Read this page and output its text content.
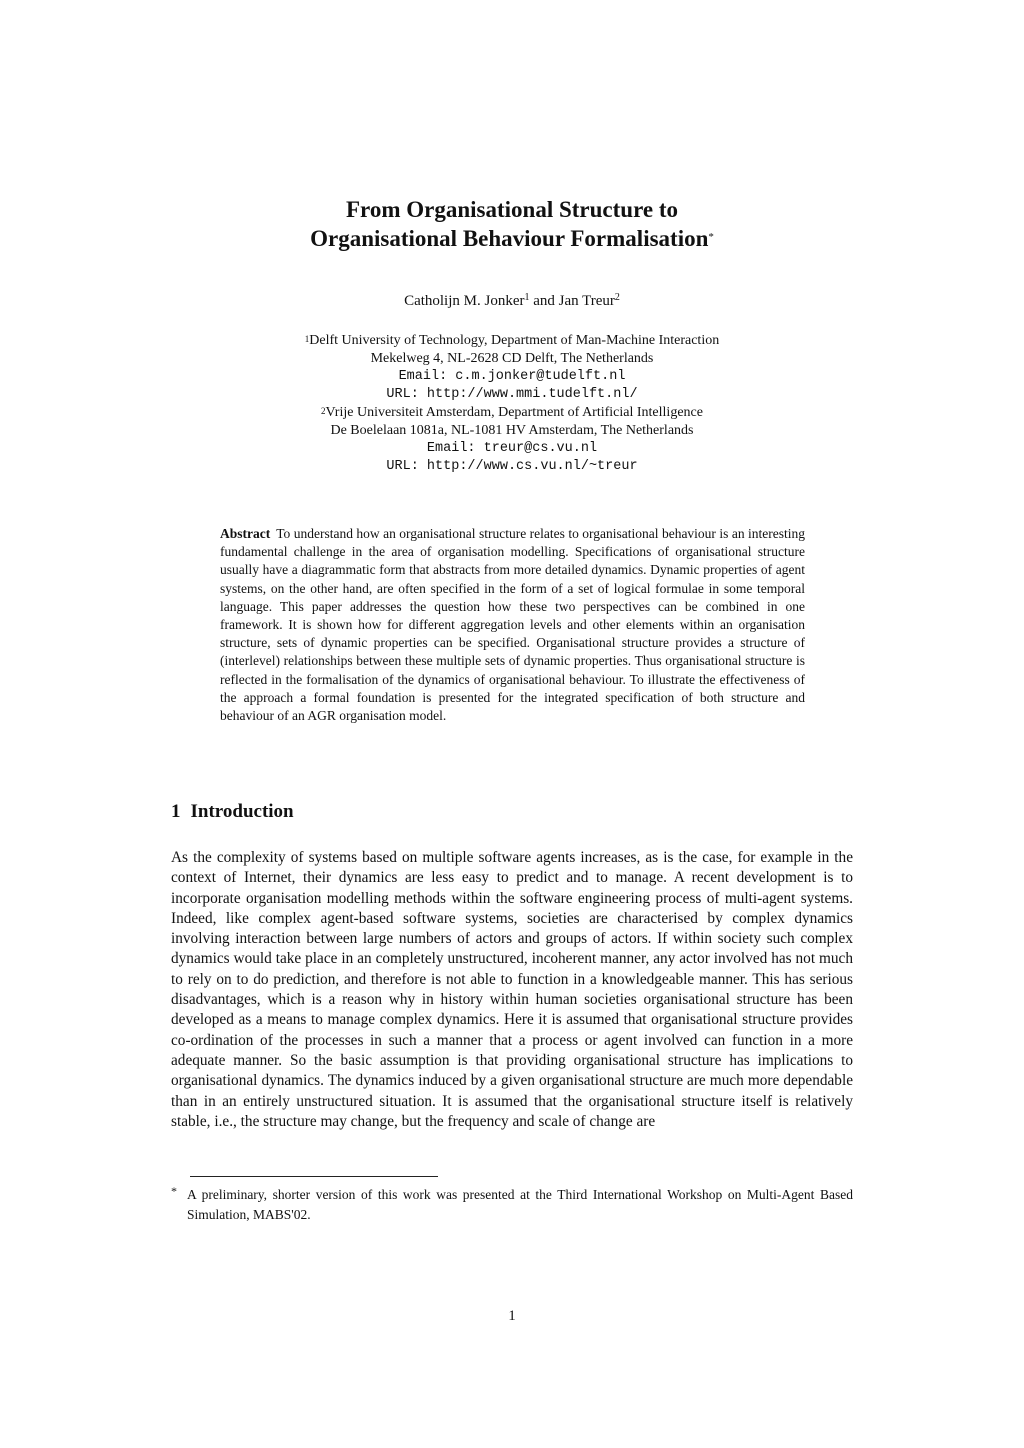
From Organisational Structure to
Organisational Behaviour Formalisation*
Catholijn M. Jonker$^1$ and Jan Treur$^2$
$^1$Delft University of Technology, Department of Man-Machine Interaction
Mekelweg 4, NL-2628 CD Delft, The Netherlands
Email: c.m.jonker@tudelft.nl
URL: http://www.mmi.tudelft.nl/
$^2$Vrije Universiteit Amsterdam, Department of Artificial Intelligence
De Boelelaan 1081a, NL-1081 HV Amsterdam, The Netherlands
Email: treur@cs.vu.nl
URL: http://www.cs.vu.nl/~treur
Abstract To understand how an organisational structure relates to organisational behaviour is an interesting fundamental challenge in the area of organisation modelling. Specifications of organisational structure usually have a diagrammatic form that abstracts from more detailed dynamics. Dynamic properties of agent systems, on the other hand, are often specified in the form of a set of logical formulae in some temporal language. This paper addresses the question how these two perspectives can be combined in one framework. It is shown how for different aggregation levels and other elements within an organisation structure, sets of dynamic properties can be specified. Organisational structure provides a structure of (interlevel) relationships between these multiple sets of dynamic properties. Thus organisational structure is reflected in the formalisation of the dynamics of organisational behaviour. To illustrate the effectiveness of the approach a formal foundation is presented for the integrated specification of both structure and behaviour of an AGR organisation model.
1 Introduction

As the complexity of systems based on multiple software agents increases, as is the case, for example in the context of Internet, their dynamics are less easy to predict and to manage. A recent development is to incorporate organisation modelling methods within the software engineering process of multi-agent systems. Indeed, like complex agent-based software systems, societies are characterised by complex dynamics involving interaction between large numbers of actors and groups of actors. If within society such complex dynamics would take place in an completely unstructured, incoherent manner, any actor involved has not much to rely on to do prediction, and therefore is not able to function in a knowledgeable manner. This has serious disadvantages, which is a reason why in history within human societies organisational structure has been developed as a means to manage complex dynamics. Here it is assumed that organisational structure provides co-ordination of the processes in such a manner that a process or agent involved can function in a more adequate manner. So the basic assumption is that providing organisational structure has implications to organisational dynamics. The dynamics induced by a given organisational structure are much more dependable than in an entirely unstructured situation. It is assumed that the organisational structure itself is relatively stable, i.e., the structure may change, but the frequency and scale of change are

* A preliminary, shorter version of this work was presented at the Third International Workshop on Multi-Agent Based Simulation, MABS'02.
1
